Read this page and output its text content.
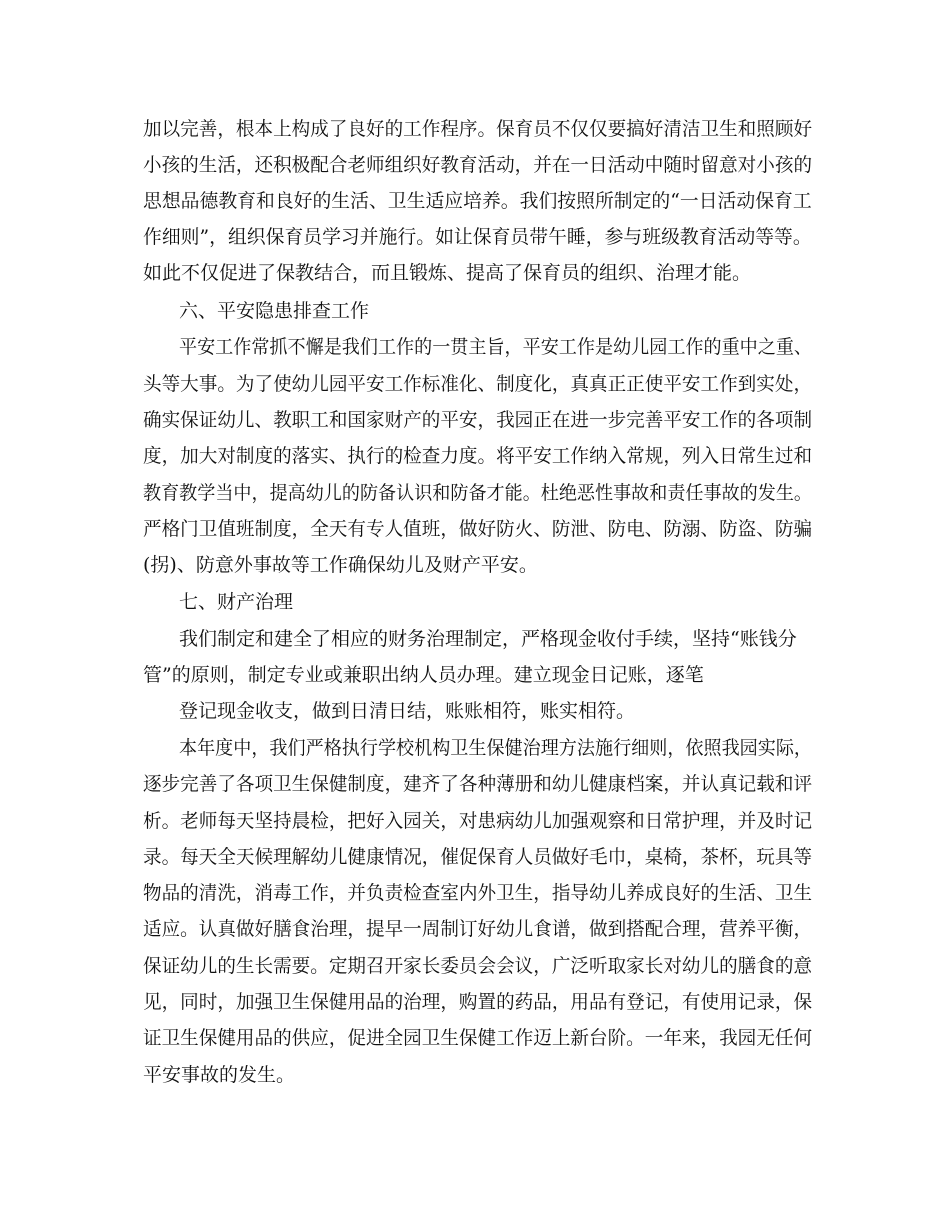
加以完善，根本上构成了良好的工作程序。保育员不仅仅要搞好清洁卫生和照顾好
小孩的生活，还积极配合老师组织好教育活动，并在一日活动中随时留意对小孩的
思想品德教育和良好的生活、卫生适应培养。我们按照所制定的“一日活动保育工
作细则”，组织保育员学习并施行。如让保育员带午睡，参与班级教育活动等等。
如此不仅促进了保教结合，而且锻炼、提高了保育员的组织、治理才能。
六、平安隐患排查工作
平安工作常抓不懈是我们工作的一贯主旨，平安工作是幼儿园工作的重中之重、
头等大事。为了使幼儿园平安工作标准化、制度化，真真正正使平安工作到实处，
确实保证幼儿、教职工和国家财产的平安，我园正在进一步完善平安工作的各项制
度，加大对制度的落实、执行的检查力度。将平安工作纳入常规，列入日常生过和
教育教学当中，提高幼儿的防备认识和防备才能。杜绝恶性事故和责任事故的发生。
严格门卫值班制度，全天有专人值班，做好防火、防泄、防电、防溺、防盗、防骗
(拐)、防意外事故等工作确保幼儿及财产平安。
七、财产治理
我们制定和建全了相应的财务治理制定，严格现金收付手续，坚持“账钱分
管”的原则，制定专业或兼职出纳人员办理。建立现金日记账，逐笔
登记现金收支，做到日清日结，账账相符，账实相符。
本年度中，我们严格执行学校机构卫生保健治理方法施行细则，依照我园实际，
逐步完善了各项卫生保健制度，建齐了各种薄册和幼儿健康档案，并认真记载和评
析。老师每天坚持晨检，把好入园关，对患病幼儿加强观察和日常护理，并及时记
录。每天全天候理解幼儿健康情况，催促保育人员做好毛巾，桌椅，茶杯，玩具等
物品的清洗，消毒工作，并负责检查室内外卫生，指导幼儿养成良好的生活、卫生
适应。认真做好膳食治理，提早一周制订好幼儿食谱，做到搭配合理，营养平衡，
保证幼儿的生长需要。定期召开家长委员会会议，广泛听取家长对幼儿的膳食的意
见，同时，加强卫生保健用品的治理，购置的药品，用品有登记，有使用记录，保
证卫生保健用品的供应，促进全园卫生保健工作迈上新台阶。一年来，我园无任何
平安事故的发生。
